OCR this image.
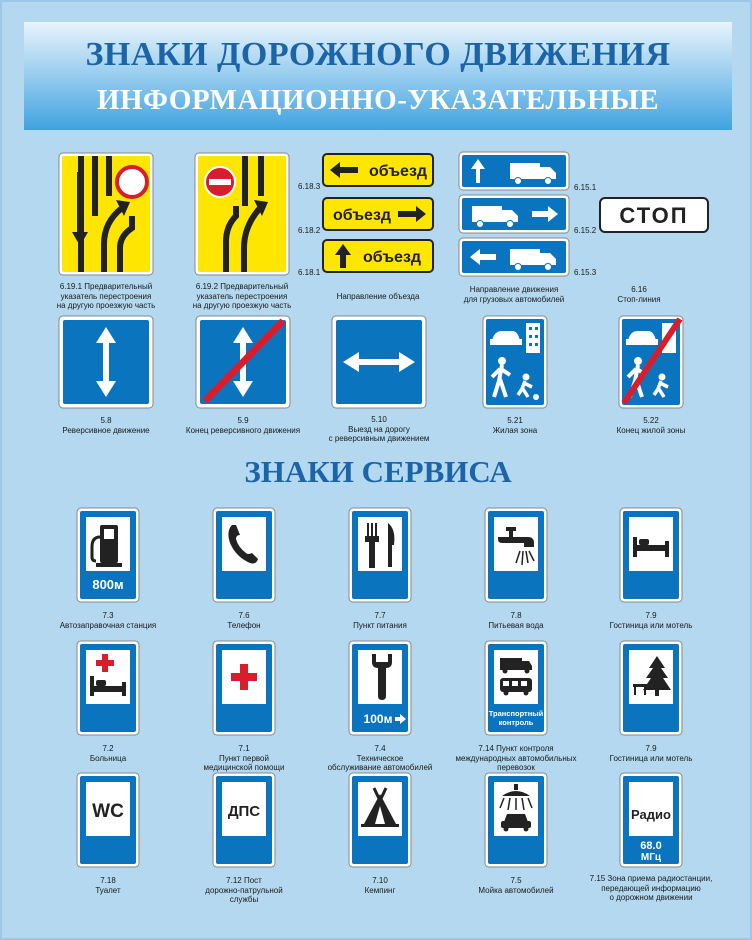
ЗНАКИ ДОРОЖНОГО ДВИЖЕНИЯ
ИНФОРМАЦИОННО-УКАЗАТЕЛЬНЫЕ
объезд
объезд
объезд
6.18.3
6.18.2
6.18.1
6.15.1
6.15.2
6.15.3
СТОП
6.19.1 Предварительный
указатель перестроения
на другую проезжую часть
6.19.2 Предварительный
указатель перестроения
на другую проезжую часть
Направление объезда
Направление движения
для грузовых автомобилей
6.16
Стоп-линия
5.8
Реверсивное движение
5.9
Конец реверсивного движения
5.10
Выезд на дорогу
с реверсивным движением
5.21
Жилая зона
5.22
Конец жилой зоны
ЗНАКИ СЕРВИСА
800м
7.3
Автозаправочная станция
7.6
Телефон
7.7
Пункт питания
7.8
Питьевая вода
7.9
Гостиница или мотель
100м	Транспортный
контроль
7.2
Больница
7.1
Пункт первой
медицинской помощи
7.4
Техническое
обслуживание автомобилей
7.14 Пункт контроля
международных автомобильных
перевозок
7.9
Гостиница или мотель
WC	ДПС	Радио
68.0
МГц
7.18
Туалет
7.12 Пост
дорожно-патрульной
службы
7.10
Кемпинг
7.5
Мойка автомобилей
7.15 Зона приема радиостанции,
передающей информацию
о дорожном движении
